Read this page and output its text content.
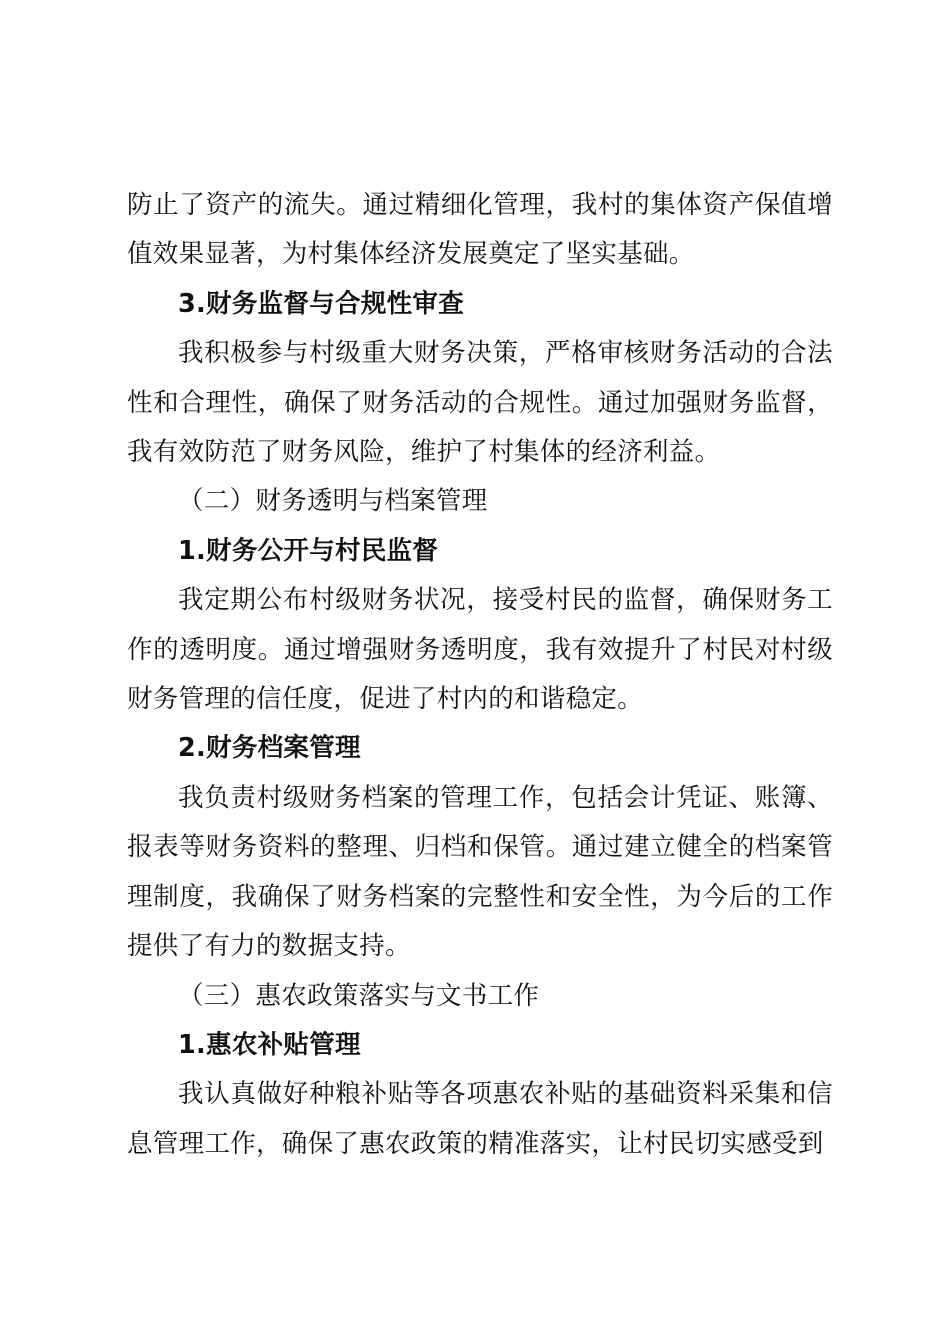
防止了资产的流失。通过精细化管理，我村的集体资产保值增值效果显著，为村集体经济发展奠定了坚实基础。

3.财务监督与合规性审查

我积极参与村级重大财务决策，严格审核财务活动的合法性和合理性，确保了财务活动的合规性。通过加强财务监督，我有效防范了财务风险，维护了村集体的经济利益。

（二）财务透明与档案管理

1.财务公开与村民监督

我定期公布村级财务状况，接受村民的监督，确保财务工作的透明度。通过增强财务透明度，我有效提升了村民对村级财务管理的信任度，促进了村内的和谐稳定。

2.财务档案管理

我负责村级财务档案的管理工作，包括会计凭证、账簿、报表等财务资料的整理、归档和保管。通过建立健全的档案管理制度，我确保了财务档案的完整性和安全性，为今后的工作提供了有力的数据支持。

（三）惠农政策落实与文书工作

1.惠农补贴管理

我认真做好种粮补贴等各项惠农补贴的基础资料采集和信息管理工作，确保了惠农政策的精准落实，让村民切实感受到
